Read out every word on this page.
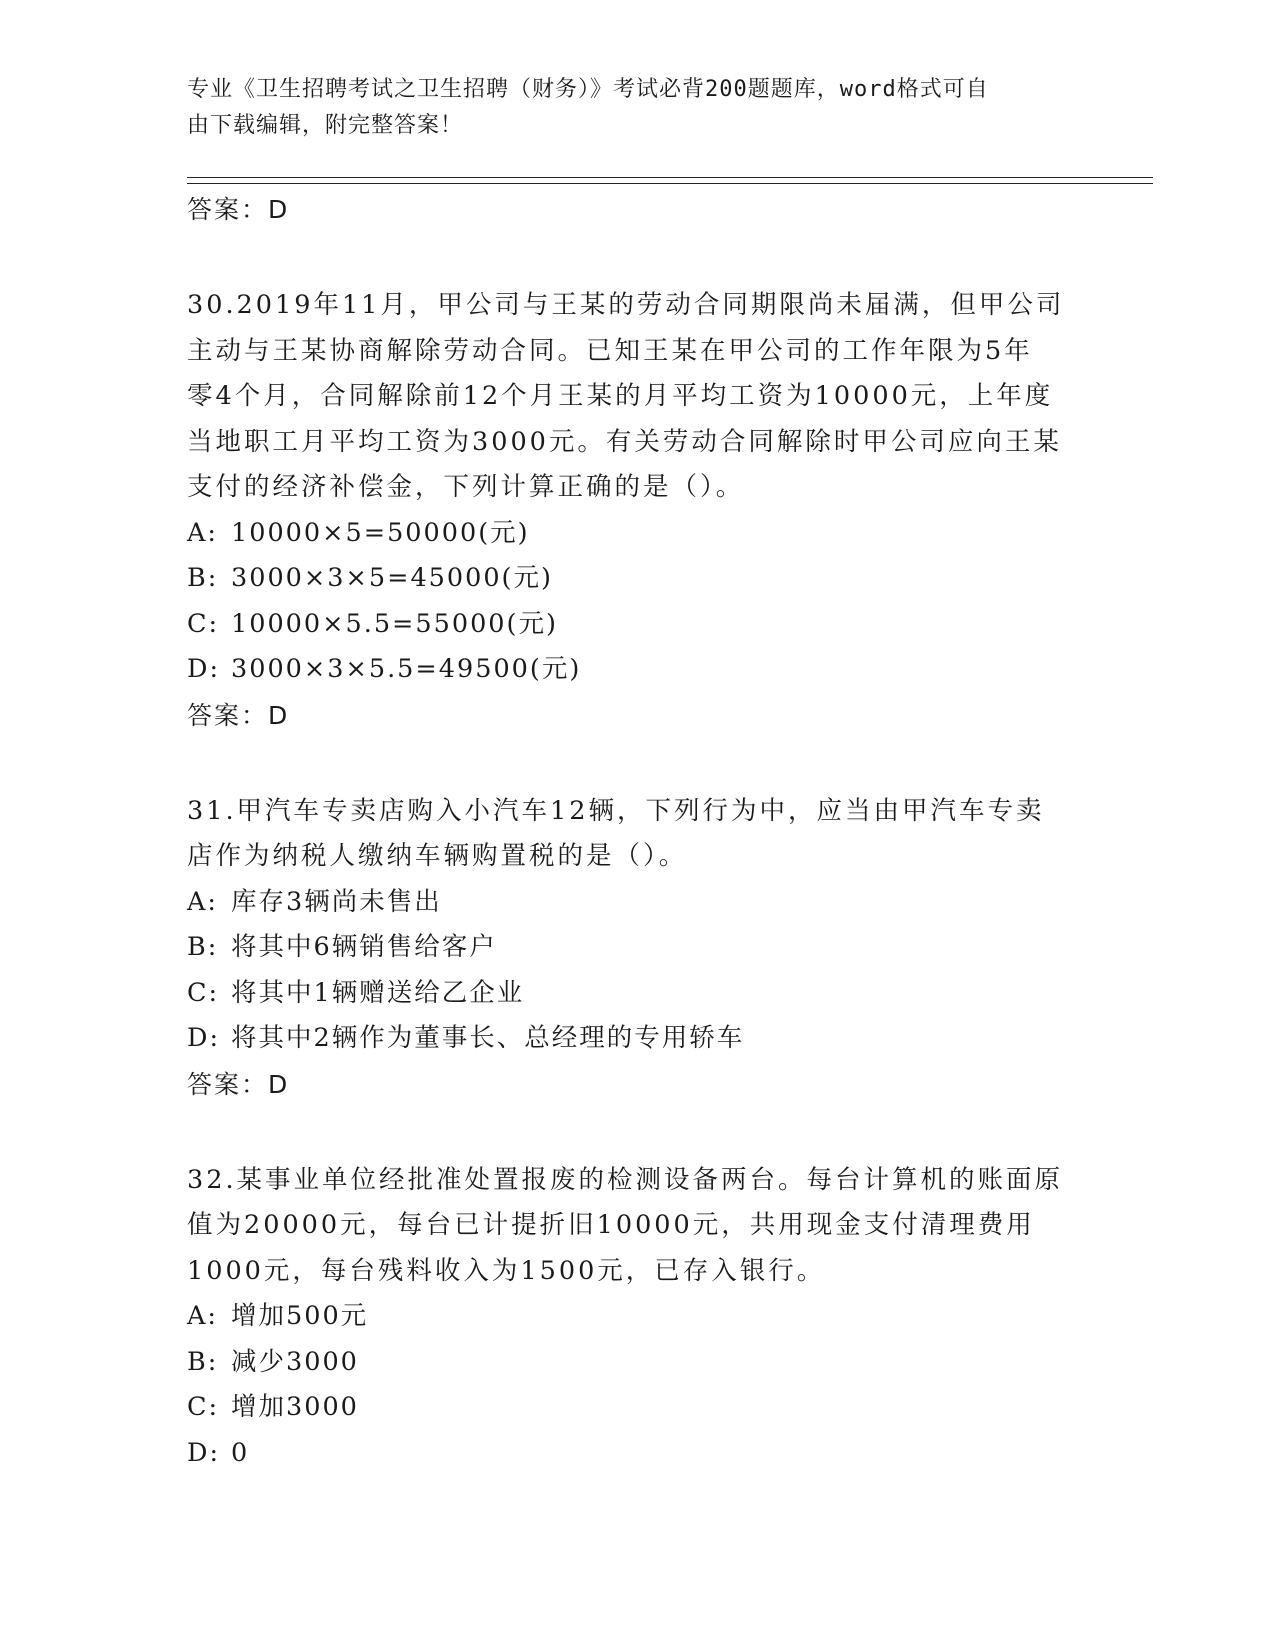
专业《卫生招聘考试之卫生招聘（财务）》考试必背200题题库，word格式可自
由下载编辑，附完整答案！
答案：D
30.2019年11月，甲公司与王某的劳动合同期限尚未届满，但甲公司
主动与王某协商解除劳动合同。已知王某在甲公司的工作年限为5年
零4个月，合同解除前12个月王某的月平均工资为10000元，上年度
当地职工月平均工资为3000元。有关劳动合同解除时甲公司应向王某
支付的经济补偿金，下列计算正确的是（）。
A: 10000×5=50000(元)
B: 3000×3×5=45000(元)
C: 10000×5.5=55000(元)
D: 3000×3×5.5=49500(元)
答案：D
31.甲汽车专卖店购入小汽车12辆，下列行为中，应当由甲汽车专卖
店作为纳税人缴纳车辆购置税的是（）。
A: 库存3辆尚未售出
B: 将其中6辆销售给客户
C: 将其中1辆赠送给乙企业
D: 将其中2辆作为董事长、总经理的专用轿车
答案：D
32.某事业单位经批准处置报废的检测设备两台。每台计算机的账面原
值为20000元，每台已计提折旧10000元，共用现金支付清理费用
1000元，每台残料收入为1500元，已存入银行。
A: 增加500元
B: 减少3000
C: 增加3000
D: 0
